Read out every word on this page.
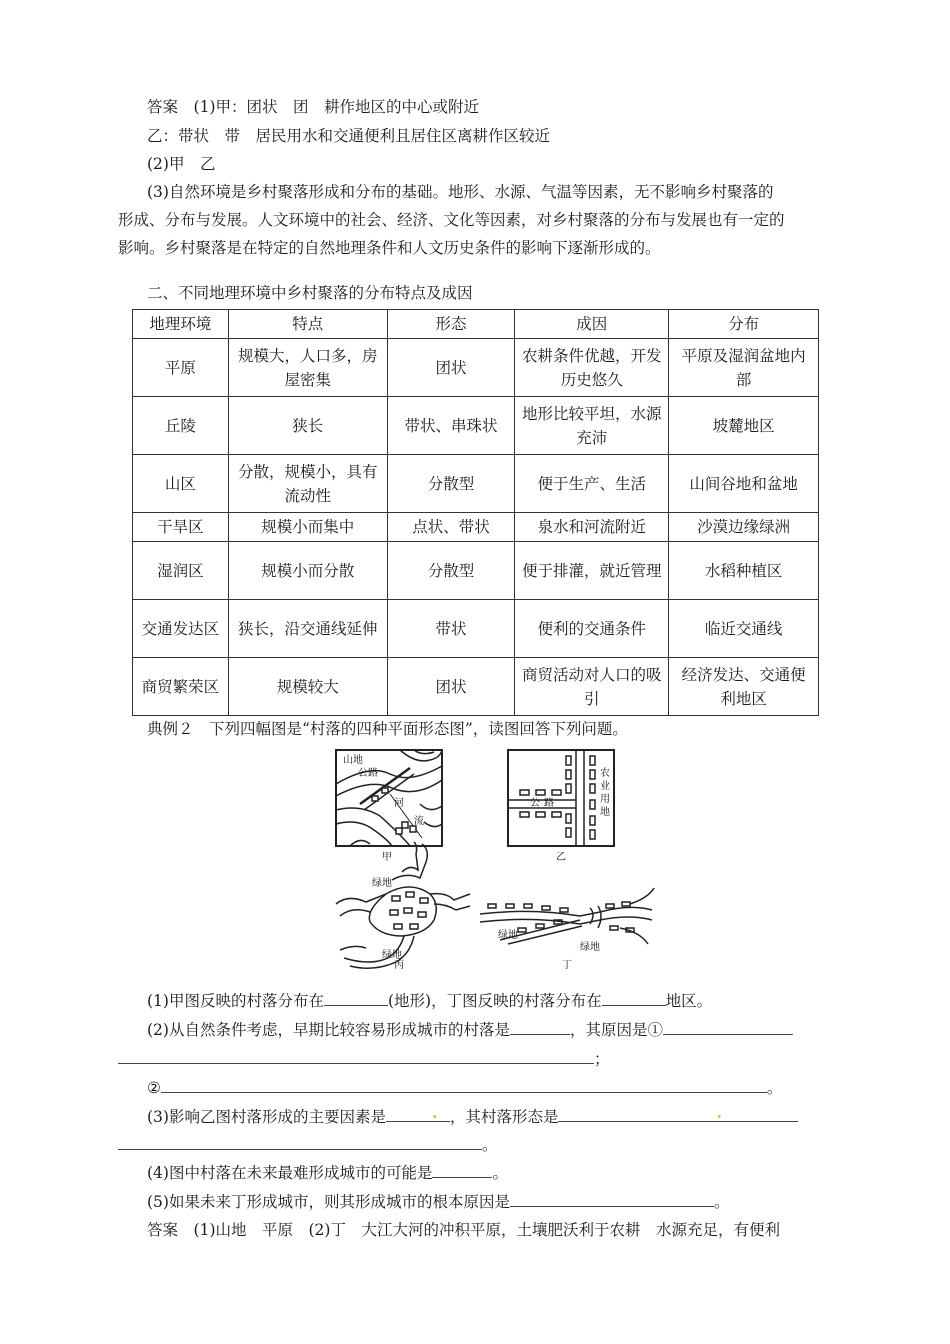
答案　 (1)甲：团状　团　耕作地区的中心或附近
乙：带状　带　居民用水和交通便利且居住区离耕作区较近
(2)甲　乙
(3)自然环境是乡村聚落形成和分布的基础。地形、水源、气温等因素，无不影响乡村聚落的
形成、分布与发展。人文环境中的社会、经济、文化等因素，对乡村聚落的分布与发展也有一定的
影响。乡村聚落是在特定的自然地理条件和人文历史条件的影响下逐渐形成的。
二、不同地理环境中乡村聚落的分布特点及成因
地理环境	特点	形态	成因	分布
平原	规模大，人口多，房屋密集	团状	农耕条件优越，开发历史悠久	平原及湿润盆地内部
丘陵	狭长	带状、串珠状	地形比较平坦，水源充沛	坡麓地区
山区	分散，规模小，具有流动性	分散型	便于生产、生活	山间谷地和盆地
干旱区	规模小而集中	点状、带状	泉水和河流附近	沙漠边缘绿洲
湿润区	规模小而分散	分散型	便于排灌，就近管理	水稻种植区
交通发达区	狭长，沿交通线延伸	带状	便利的交通条件	临近交通线
商贸繁荣区	规模较大	团状	商贸活动对人口的吸引	经济发达、交通便利地区
典例２　下列四幅图是“村落的四种平面形态图”，读图回答下列问题。
山地
公路
河
流
甲
公 路
农
业
用
地
乙
绿地
绿地
丙
绿地
绿地
丁
(1)甲图反映的村落分布在	(地形)，丁图反映的村落分布在	地区。
(2)从自然条件考虑，早期比较容易形成城市的村落是	，其原因是①
；
②	。
(3)影响乙图村落形成的主要因素是	. ，其村落形态是	.
。
(4)图中村落在未来最难形成城市的可能是	。
(5)如果未来丁形成城市，则其形成城市的根本原因是	。
答案　 (1)山地　平原　(2)丁　大江大河的冲积平原，土壤肥沃利于农耕　水源充足，有便利
